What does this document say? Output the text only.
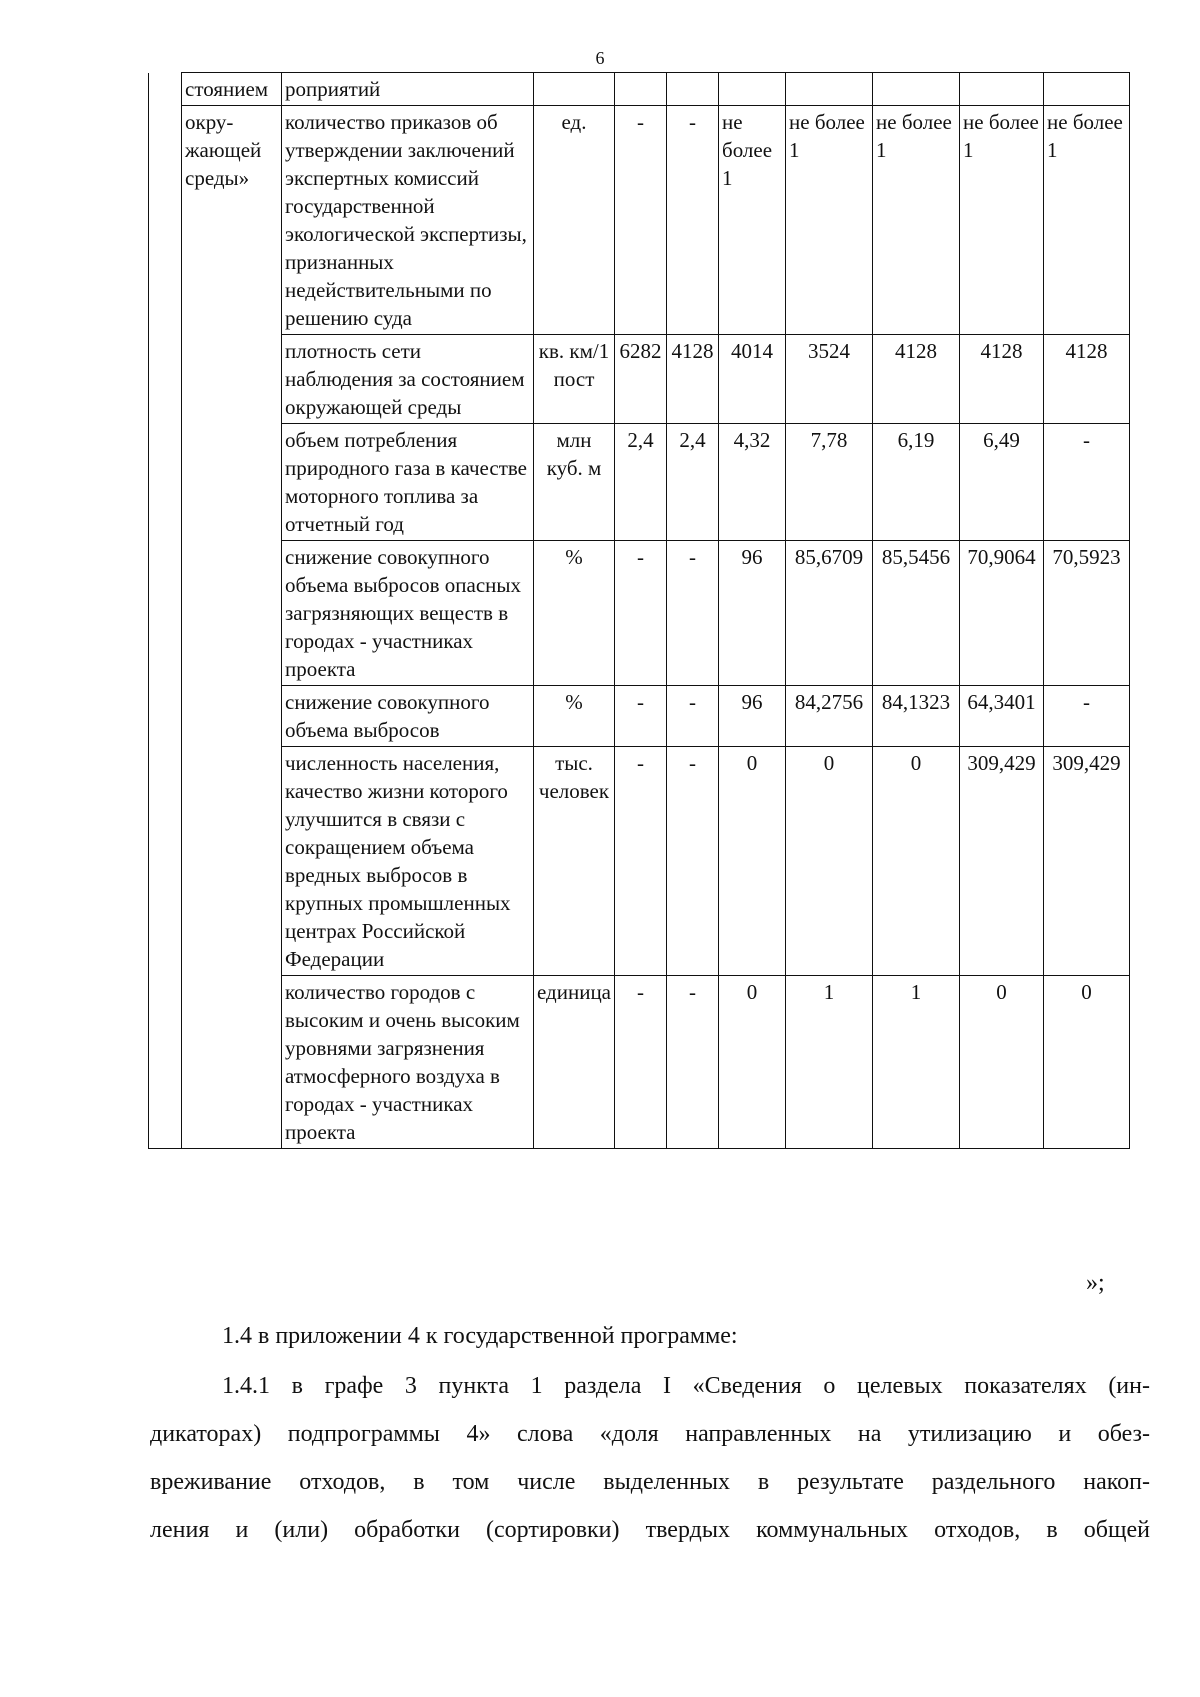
6
	стоянием	роприятий								
	окру-
жающей
среды»	количество приказов об утверждении заключений экспертных комиссий государственной экологической экспертизы, признанных недействительными по решению суда	ед.	-	-	не более 1	не более 1	не более 1	не более 1	не более 1
		плотность сети наблюдения за состоянием окружающей среды	кв. км/1 пост	6282	4128	4014	3524	4128	4128	4128
		объем потребления природного газа в качестве моторного топлива за отчетный год	млн куб. м	2,4	2,4	4,32	7,78	6,19	6,49	-
		снижение совокупного объема выбросов опасных загрязняющих веществ в городах - участниках проекта	%	-	-	96	85,6709	85,5456	70,9064	70,5923
		снижение совокупного объема выбросов	%	-	-	96	84,2756	84,1323	64,3401	-
		численность населения, качество жизни которого улучшится в связи с сокращением объема вредных выбросов в крупных промышленных центрах Российской Федерации	тыс. человек	-	-	0	0	0	309,429	309,429
		количество городов с высоким и очень высоким уровнями загрязнения атмосферного воздуха в городах - участниках проекта	единица	-	-	0	1	1	0	0
»;
1.4 в приложении 4 к государственной программе:
1.4.1 в графе 3 пункта 1 раздела I «Сведения о целевых показателях (ин-
дикаторах) подпрограммы 4» слова «доля направленных на утилизацию и обез-
вреживание отходов, в том числе выделенных в результате раздельного накоп-
ления и (или) обработки (сортировки) твердых коммунальных отходов, в общей
